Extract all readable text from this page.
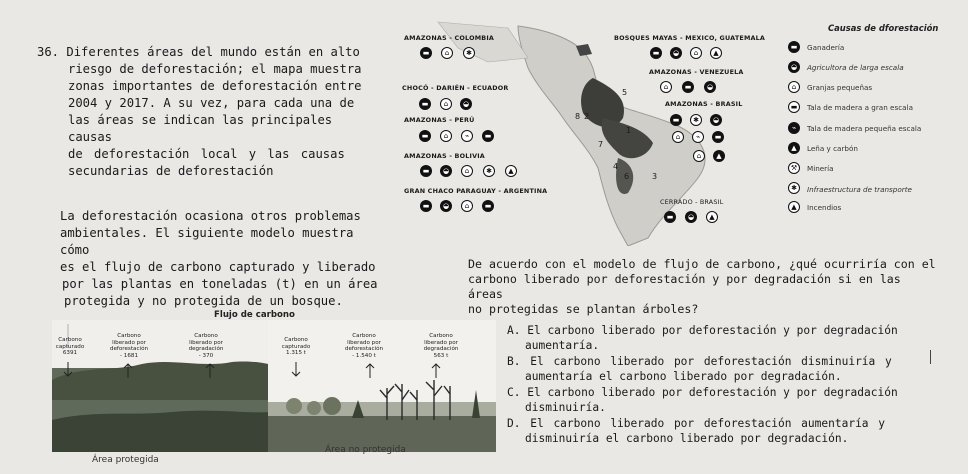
36. Diferentes áreas del mundo están en alto
riesgo de deforestación; el mapa muestra
zonas importantes de deforestación entre
2004 y 2017. A su vez, para cada una de
las áreas se indican las principales causas
de deforestación local y las causas
secundarias de deforestación
La deforestación ocasiona otros problemas
ambientales. El siguiente modelo muestra cómo
es el flujo de carbono capturado y liberado
por las plantas en toneladas (t) en un área
protegida y no protegida de un bosque.
De acuerdo con el modelo de flujo de carbono, ¿qué ocurriría con el
carbono liberado por deforestación y por degradación si en las áreas
no protegidas se plantan árboles?
AMAZONAS - COLOMBIA	BOSQUES MAYAS - MEXICO, GUATEMALA
AMAZONAS - VENEZUELA
CHOCÓ - DARIÉN - ECUADOR
AMAZONAS - BRASIL
AMAZONAS - PERÚ
AMAZONAS - BOLIVIA
GRAN CHACO PARAGUAY - ARGENTINA
CERRADO - BRASIL
5
2
8
1
7
4
6	3
▬	⌂	✱	▬	◒	⌂	▲
▬	⌂	◒
⌂	▬	◒
▬	⌂	⌁	▬
▬	✱	◒
⌂	⌁	▬
▬	◒	⌂	✱	▲
⌂	▲
▬	◒	⌂	▬
▬	◒	▲
Causas de dforestación
▬	Ganadería
◒	Agricultora de larga escala
⌂	Granjas pequeñas
▬	Tala de madera a gran escala
⌁	Tala de madera pequeña escala
▲	Leña y carbón
⚒	Minería
✱	Infraestructura de transporte
▲	Incendios
Flujo de carbono
Carbono capturado
6391
Carbono liberado por deforestación
- 1681
Carbono liberado por degradación
- 370
Carbono capturado
1.315 t
Carbono liberado por deforestación
- 1.540 t
Carbono liberado por degradación
563 t
Área protegida
Área no protegida
A. El carbono liberado por deforestación y por degradación
aumentaría.
B. El carbono liberado por deforestación disminuiría y
aumentaría el carbono liberado por degradación.
C. El carbono liberado por deforestación y por degradación
disminuiría.
D. El carbono liberado por deforestación aumentaría y
disminuiría el carbono liberado por degradación.
